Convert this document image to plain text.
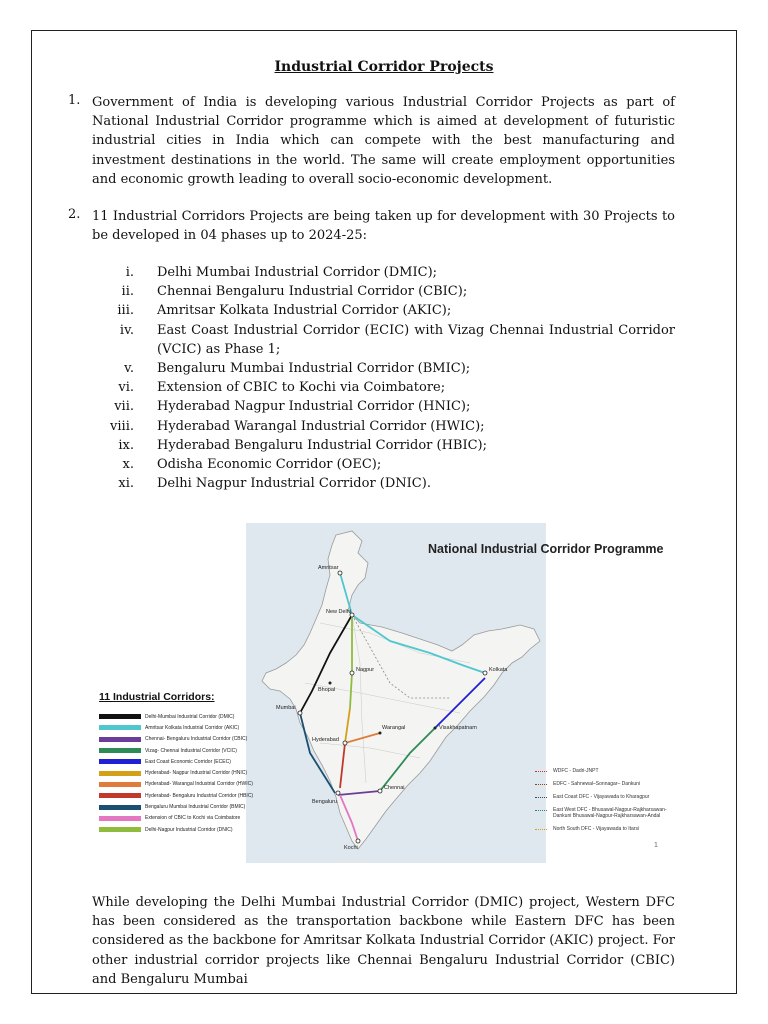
Industrial Corridor Projects
1. Government of India is developing various Industrial Corridor Projects as part of National Industrial Corridor programme which is aimed at development of futuristic industrial cities in India which can compete with the best manufacturing and investment destinations in the world. The same will create employment opportunities and economic growth leading to overall socio-economic development.
2. 11 Industrial Corridors Projects are being taken up for development with 30 Projects to be developed in 04 phases up to 2024-25:
i. Delhi Mumbai Industrial Corridor (DMIC);
ii. Chennai Bengaluru Industrial Corridor (CBIC);
iii. Amritsar Kolkata Industrial Corridor (AKIC);
iv. East Coast Industrial Corridor (ECIC) with Vizag Chennai Industrial Corridor (VCIC) as Phase 1;
v. Bengaluru Mumbai Industrial Corridor (BMIC);
vi. Extension of CBIC to Kochi via Coimbatore;
vii. Hyderabad Nagpur Industrial Corridor (HNIC);
viii. Hyderabad Warangal Industrial Corridor (HWIC);
ix. Hyderabad Bengaluru Industrial Corridor (HBIC);
x. Odisha Economic Corridor (OEC);
xi. Delhi Nagpur Industrial Corridor (DNIC).
Amritsar
New Delhi
Bhopal
Nagpur
Mumbai
Hyderabad
Warangal	Visakhapatnam
Bengaluru
Chennai
Kochi
Kolkata
National Industrial Corridor Programme
11 Industrial Corridors:
Delhi-Mumbai Industrial Corridor (DMIC)
Amritsar Kolkata Industrial Corridor (AKIC)
Chennai- Bengaluru Industrial Corridor (CBIC)
Vizag- Chennai Industrial Corridor (VCIC)
East Coast Economic Corridor (ECEC)
Hyderabad- Nagpur Industrial Corridor (HNIC)
Hyderabad- Warangal Industrial Corridor (HWIC)
Hyderabad- Bengaluru Industrial Corridor (HBIC)
Bengaluru Mumbai Industrial Corridor (BMIC)
Extension of CBIC to Kochi via Coimbatore
Delhi-Nagpur Industrial Corridor (DNIC)
WDFC - Dadri-JNPT
EDFC - Sahnewal–Sonnagar– Dankuni
East Coast DFC - Vijayawada to Kharagpur
East West DFC - Bhusawal-Nagpur-Rajkharsawan-Dankuni Bhusawal-Nagpur-Rajkharsawan-Andal
North South DFC - Vijayawada to Itarsi
1
While developing the Delhi Mumbai Industrial Corridor (DMIC) project, Western DFC has been considered as the transportation backbone while Eastern DFC has been considered as the backbone for Amritsar Kolkata Industrial Corridor (AKIC) project. For other industrial corridor projects like Chennai Bengaluru Industrial Corridor (CBIC) and Bengaluru Mumbai
